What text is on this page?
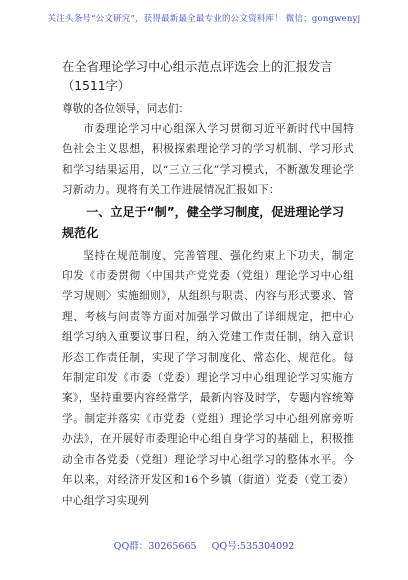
关注头条号“公文研究”，获得最新最全最专业的公文资料库！ 微信：gongwenyj
在全省理论学习中心组示范点评选会上的汇报发言（1511字）

尊敬的各位领导，同志们：

市委理论学习中心组深入学习贯彻习近平新时代中国特色社会主义思想，积极探索理论学习的学习机制、学习形式和学习结果运用，以“三立三化”学习模式，不断激发理论学习新动力。现将有关工作进展情况汇报如下：

一、立足于“制”，健全学习制度，促进理论学习规范化

坚持在规范制度、完善管理、强化约束上下功夫，制定印发《市委贯彻〈中国共产党党委（党组）理论学习中心组学习规则〉实施细则》，从组织与职责、内容与形式要求、管理、考核与问责等方面对加强学习做出了详细规定，把中心组学习纳入重要议事日程，纳入党建工作责任制，纳入意识形态工作责任制，实现了学习制度化、常态化、规范化。每年制定印发《市委（党委）理论学习中心组理论学习实施方案》，坚持重要内容经常学，最新内容及时学，专题内容统筹学。制定并落实《市党委（党组）理论学习中心组列席旁听办法》，在开展好市委理论中心组自身学习的基础上，积极推动全市各党委（党组）理论学习中心组学习的整体水平。今年以来，对经济开发区和16个乡镇（街道）党委（党工委）中心组学习实现列

QQ群：30265665 QQ号:535304092
